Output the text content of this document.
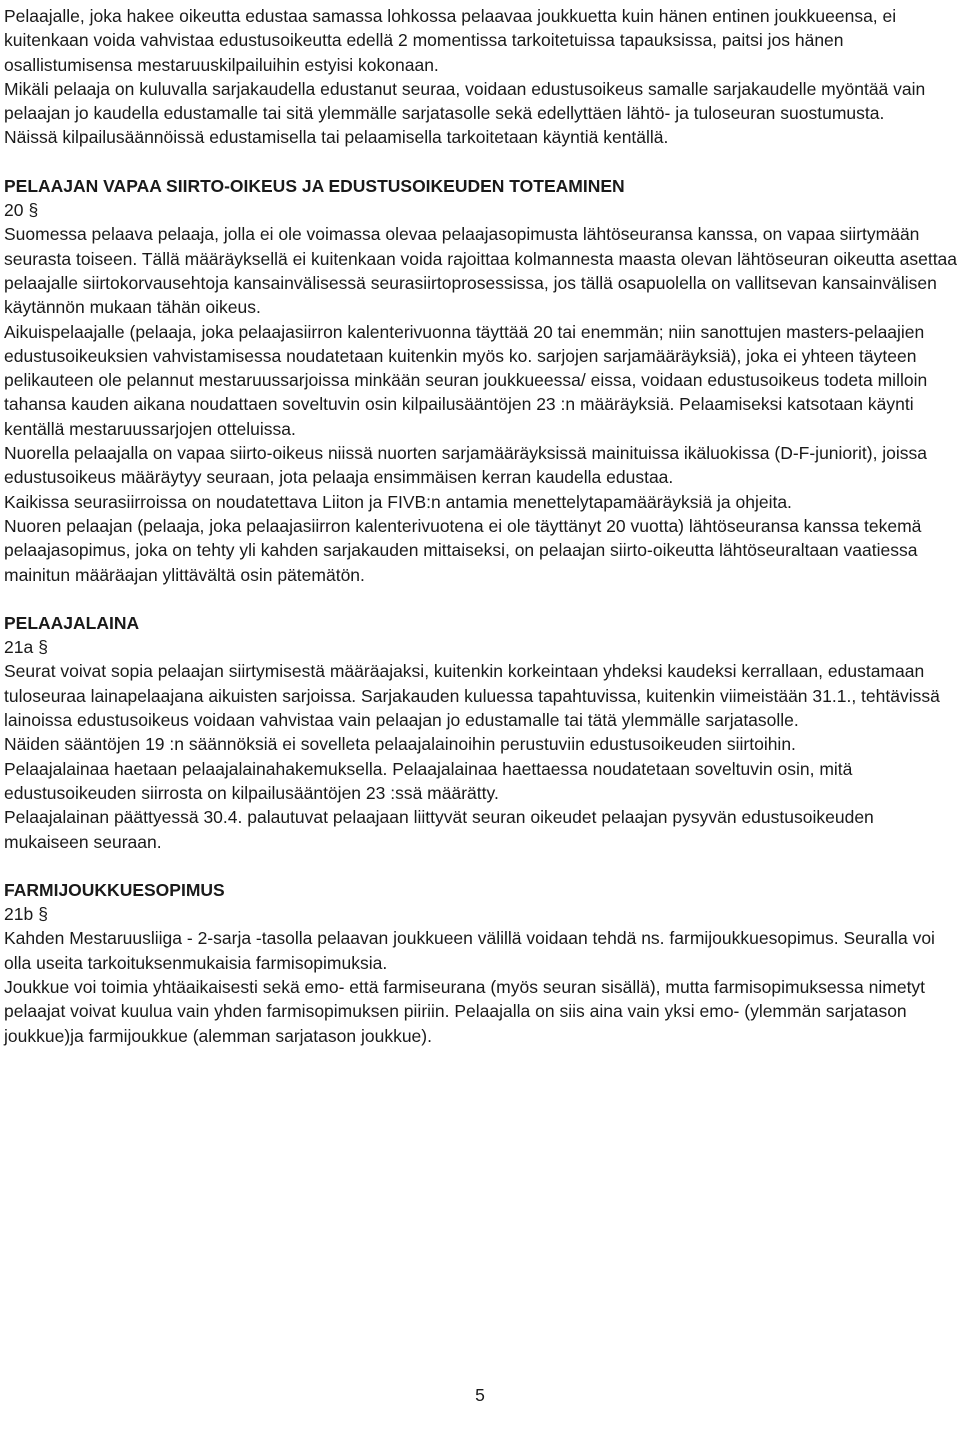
Pelaajalle, joka hakee oikeutta edustaa samassa lohkossa pelaavaa joukkuetta kuin hänen entinen joukkueensa, ei kuitenkaan voida vahvistaa edustusoikeutta edellä 2 momentissa tarkoitetuissa tapauksissa, paitsi jos hänen osallistumisensa mestaruuskilpailuihin estyisi kokonaan.

Mikäli pelaaja on kuluvalla sarjakaudella edustanut seuraa, voidaan edustusoikeus samalle sarjakaudelle myöntää vain pelaajan jo kaudella edustamalle tai sitä ylemmälle sarjatasolle sekä edellyttäen lähtö- ja tuloseuran suostumusta.

Näissä kilpailusäännöissä edustamisella tai pelaamisella tarkoitetaan käyntiä kentällä.

PELAAJAN VAPAA SIIRTO-OIKEUS JA EDUSTUSOIKEUDEN TOTEAMINEN

20 §

Suomessa pelaava pelaaja, jolla ei ole voimassa olevaa pelaajasopimusta lähtöseuransa kanssa, on vapaa siirtymään seurasta toiseen. Tällä määräyksellä ei kuitenkaan voida rajoittaa kolmannesta maasta olevan lähtöseuran oikeutta asettaa pelaajalle siirtokorvausehtoja kansainvälisessä seurasiirtoprosessissa, jos tällä osapuolella on vallitsevan kansainvälisen käytännön mukaan tähän oikeus.

Aikuispelaajalle (pelaaja, joka pelaajasiirron kalenterivuonna täyttää 20 tai enemmän; niin sanottujen masters-pelaajien edustusoikeuksien vahvistamisessa noudatetaan kuitenkin myös ko. sarjojen sarjamääräyksiä), joka ei yhteen täyteen pelikauteen ole pelannut mestaruussarjoissa minkään seuran joukkueessa/ eissa, voidaan edustusoikeus todeta milloin tahansa kauden aikana noudattaen soveltuvin osin kilpailusääntöjen 23 :n määräyksiä. Pelaamiseksi katsotaan käynti kentällä mestaruussarjojen otteluissa.

Nuorella pelaajalla on vapaa siirto-oikeus niissä nuorten sarjamääräyksissä mainituissa ikäluokissa (D-F-juniorit), joissa edustusoikeus määräytyy seuraan, jota pelaaja ensimmäisen kerran kaudella edustaa.

Kaikissa seurasiirroissa on noudatettava Liiton ja FIVB:n antamia menettelytapamääräyksiä ja ohjeita.

Nuoren pelaajan (pelaaja, joka pelaajasiirron kalenterivuotena ei ole täyttänyt 20 vuotta) lähtöseuransa kanssa tekemä pelaajasopimus, joka on tehty yli kahden sarjakauden mittaiseksi, on pelaajan siirto-oikeutta lähtöseuraltaan vaatiessa mainitun määräajan ylittävältä osin pätemätön.

PELAAJALAINA

21a §

Seurat voivat sopia pelaajan siirtymisestä määräajaksi, kuitenkin korkeintaan yhdeksi kaudeksi kerrallaan, edustamaan tuloseuraa lainapelaajana aikuisten sarjoissa. Sarjakauden kuluessa tapahtuvissa, kuitenkin viimeistään 31.1., tehtävissä lainoissa edustusoikeus voidaan vahvistaa vain pelaajan jo edustamalle tai tätä ylemmälle sarjatasolle.

Näiden sääntöjen 19 :n säännöksiä ei sovelleta pelaajalainoihin perustuviin edustusoikeuden siirtoihin.

Pelaajalainaa haetaan pelaajalainahakemuksella. Pelaajalainaa haettaessa noudatetaan soveltuvin osin, mitä edustusoikeuden siirrosta on kilpailusääntöjen 23 :ssä määrätty.

Pelaajalainan päättyessä 30.4. palautuvat pelaajaan liittyvät seuran oikeudet pelaajan pysyvän edustusoikeuden mukaiseen seuraan.

FARMIJOUKKUESOPIMUS

21b §

Kahden Mestaruusliiga - 2-sarja -tasolla pelaavan joukkueen välillä voidaan tehdä ns. farmijoukkuesopimus. Seuralla voi olla useita tarkoituksenmukaisia farmisopimuksia.

Joukkue voi toimia yhtäaikaisesti sekä emo- että farmiseurana (myös seuran sisällä), mutta farmisopimuksessa nimetyt pelaajat voivat kuulua vain yhden farmisopimuksen piiriin. Pelaajalla on siis aina vain yksi emo- (ylemmän sarjatason joukkue)ja farmijoukkue (alemman sarjatason joukkue).

5
